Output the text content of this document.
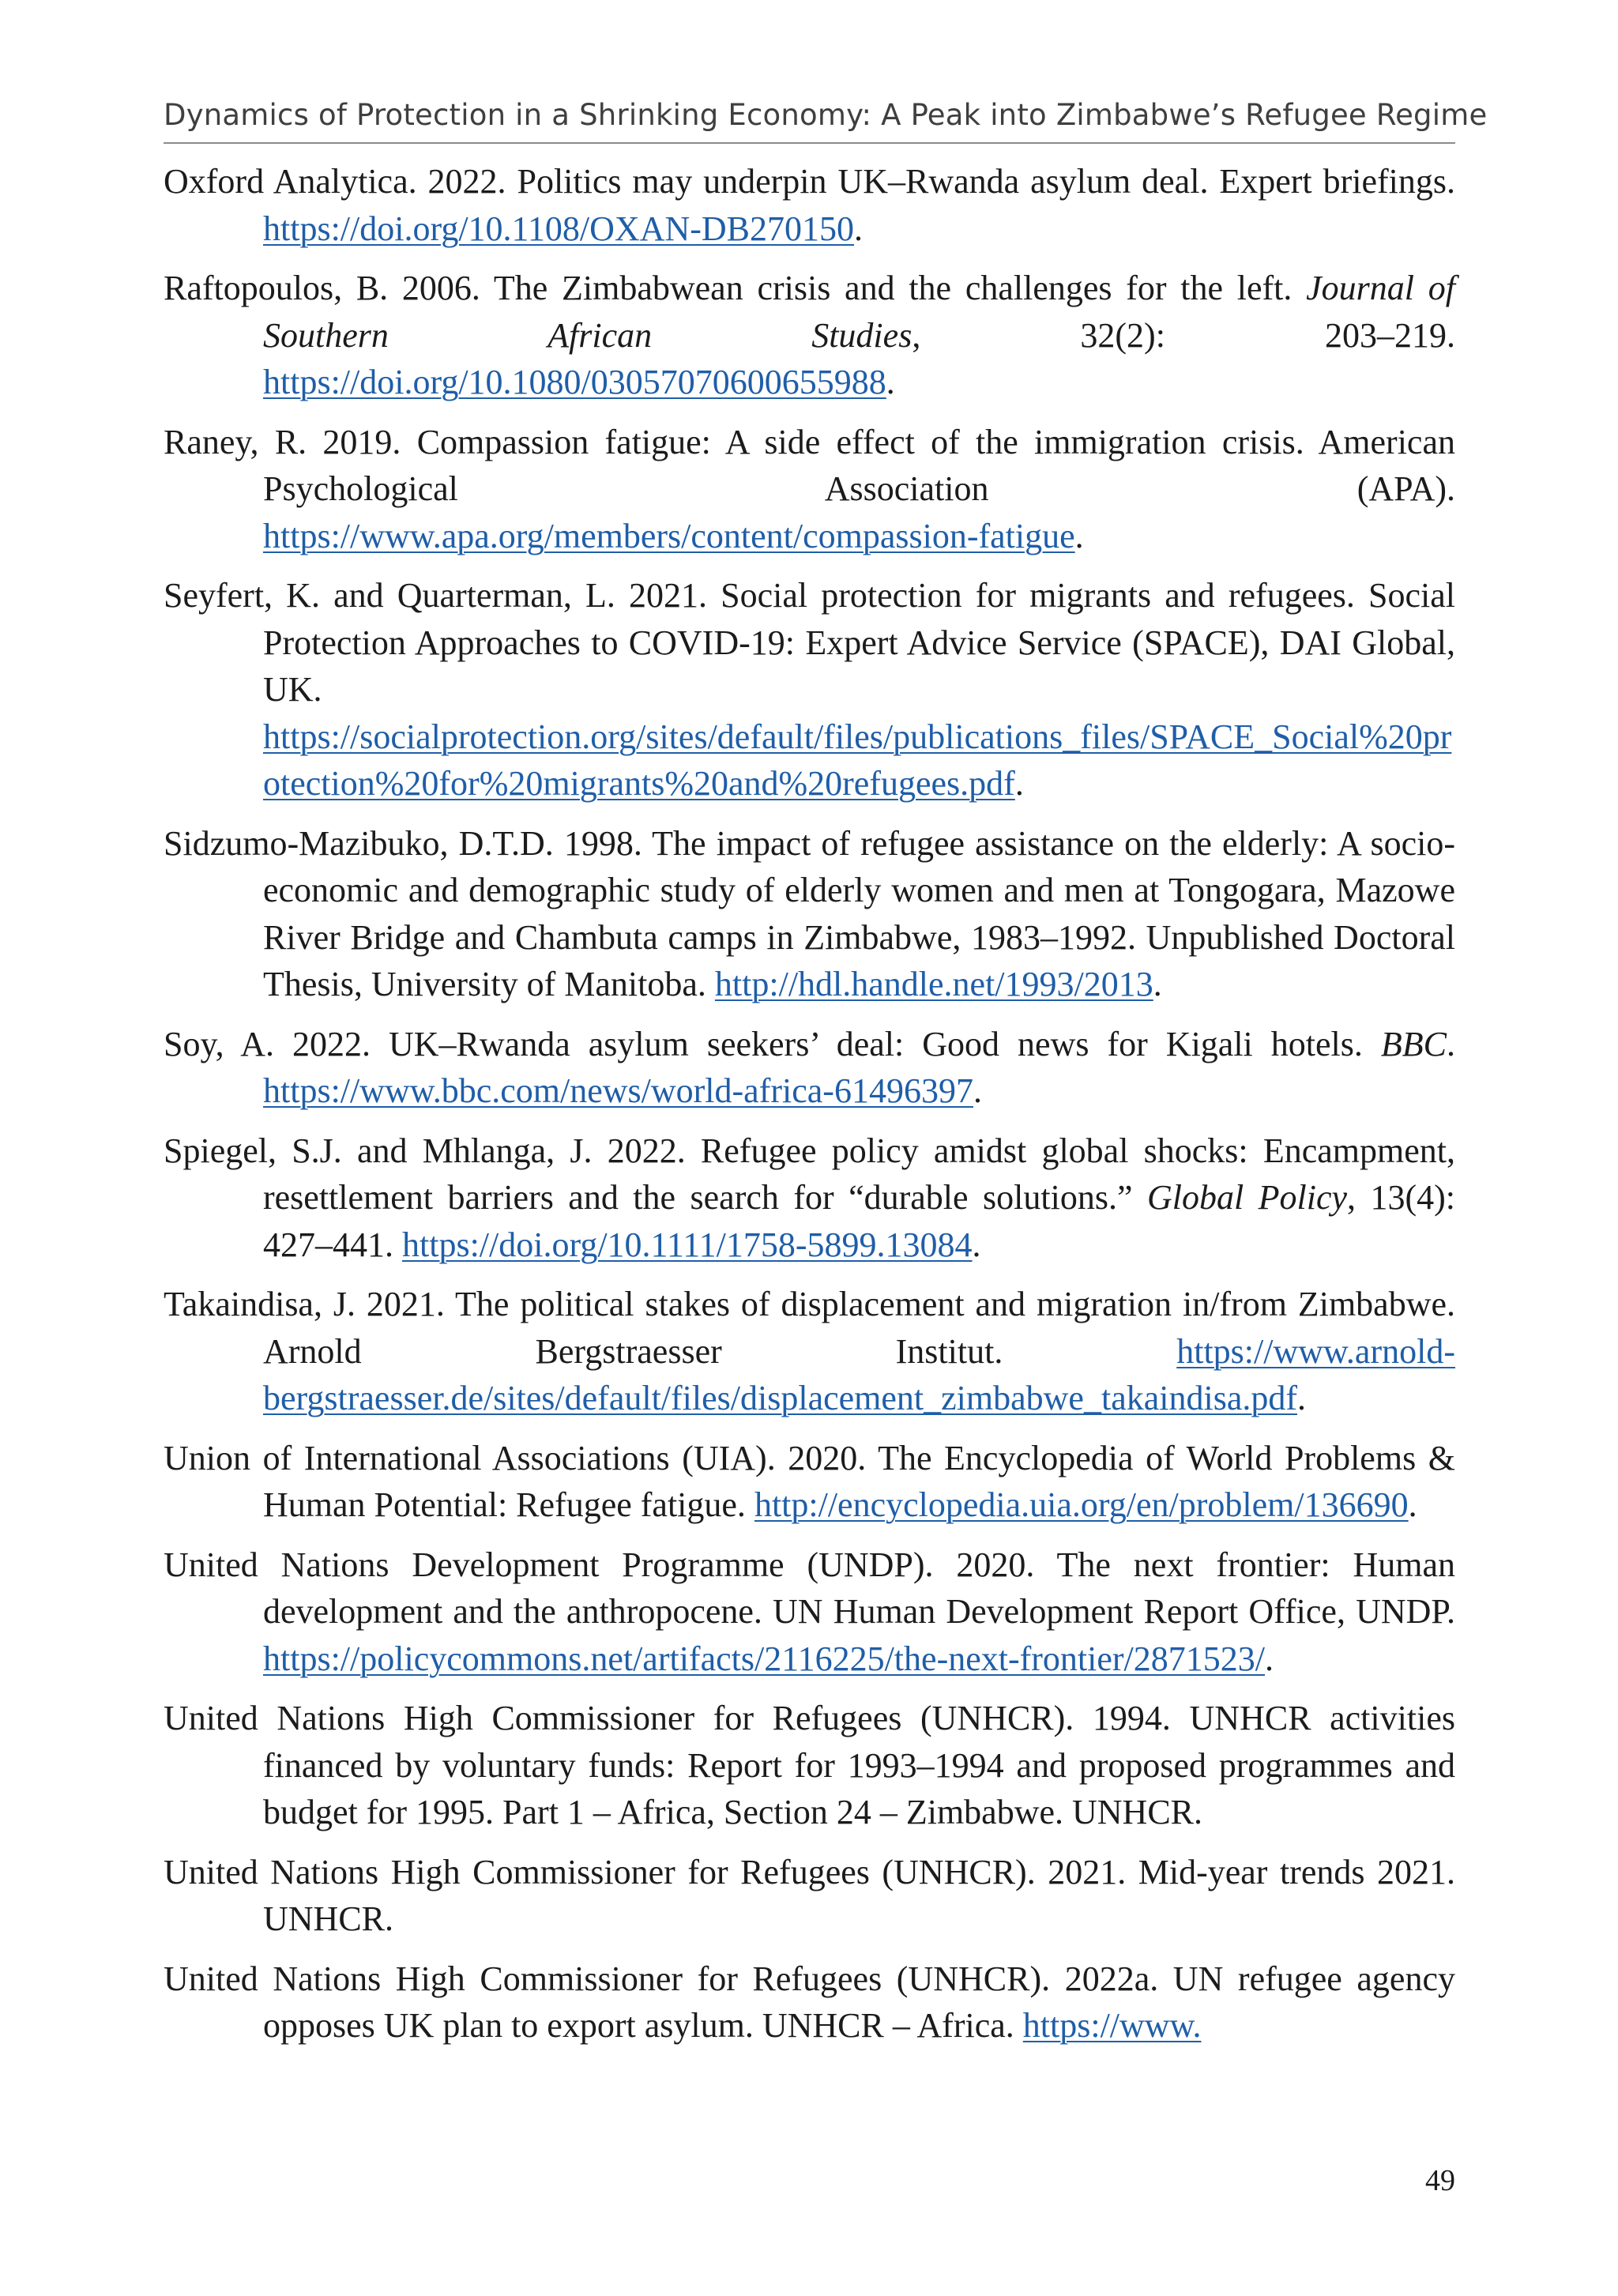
Dynamics of Protection in a Shrinking Economy: A Peak into Zimbabwe’s Refugee Regime

Oxford Analytica. 2022. Politics may underpin UK–Rwanda asylum deal. Expert briefings. https://doi.org/10.1108/OXAN-DB270150.

Raftopoulos, B. 2006. The Zimbabwean crisis and the challenges for the left. Journal of Southern African Studies, 32(2): 203–219. https://doi.org/10.1080/03057070600655988.

Raney, R. 2019. Compassion fatigue: A side effect of the immigration crisis. American Psychological Association (APA). https://www.apa.org/members/content/compassion-fatigue.

Seyfert, K. and Quarterman, L. 2021. Social protection for migrants and refugees. Social Protection Approaches to COVID-19: Expert Advice Service (SPACE), DAI Global, UK. https://socialprotection.org/sites/default/files/publications_files/SPACE_Social%20protection%20for%20migrants%20and%20refugees.pdf.

Sidzumo-Mazibuko, D.T.D. 1998. The impact of refugee assistance on the elderly: A socio-economic and demographic study of elderly women and men at Tongogara, Mazowe River Bridge and Chambuta camps in Zimbabwe, 1983–1992. Unpublished Doctoral Thesis, University of Manitoba. http://hdl.handle.net/1993/2013.

Soy, A. 2022. UK–Rwanda asylum seekers’ deal: Good news for Kigali hotels. BBC. https://www.bbc.com/news/world-africa-61496397.

Spiegel, S.J. and Mhlanga, J. 2022. Refugee policy amidst global shocks: Encampment, resettlement barriers and the search for “durable solutions.” Global Policy, 13(4): 427–441. https://doi.org/10.1111/1758-5899.13084.

Takaindisa, J. 2021. The political stakes of displacement and migration in/from Zimbabwe. Arnold Bergstraesser Institut. https://www.arnold-bergstraesser.de/sites/default/files/displacement_zimbabwe_takaindisa.pdf.

Union of International Associations (UIA). 2020. The Encyclopedia of World Problems & Human Potential: Refugee fatigue. http://encyclopedia.uia.org/en/problem/136690.

United Nations Development Programme (UNDP). 2020. The next frontier: Human development and the anthropocene. UN Human Development Report Office, UNDP. https://policycommons.net/artifacts/2116225/the-next-frontier/2871523/.

United Nations High Commissioner for Refugees (UNHCR). 1994. UNHCR activities financed by voluntary funds: Report for 1993–1994 and proposed programmes and budget for 1995. Part 1 – Africa, Section 24 – Zimbabwe. UNHCR.

United Nations High Commissioner for Refugees (UNHCR). 2021. Mid-year trends 2021. UNHCR.

United Nations High Commissioner for Refugees (UNHCR). 2022a. UN refugee agency opposes UK plan to export asylum. UNHCR – Africa. https://www.

49
